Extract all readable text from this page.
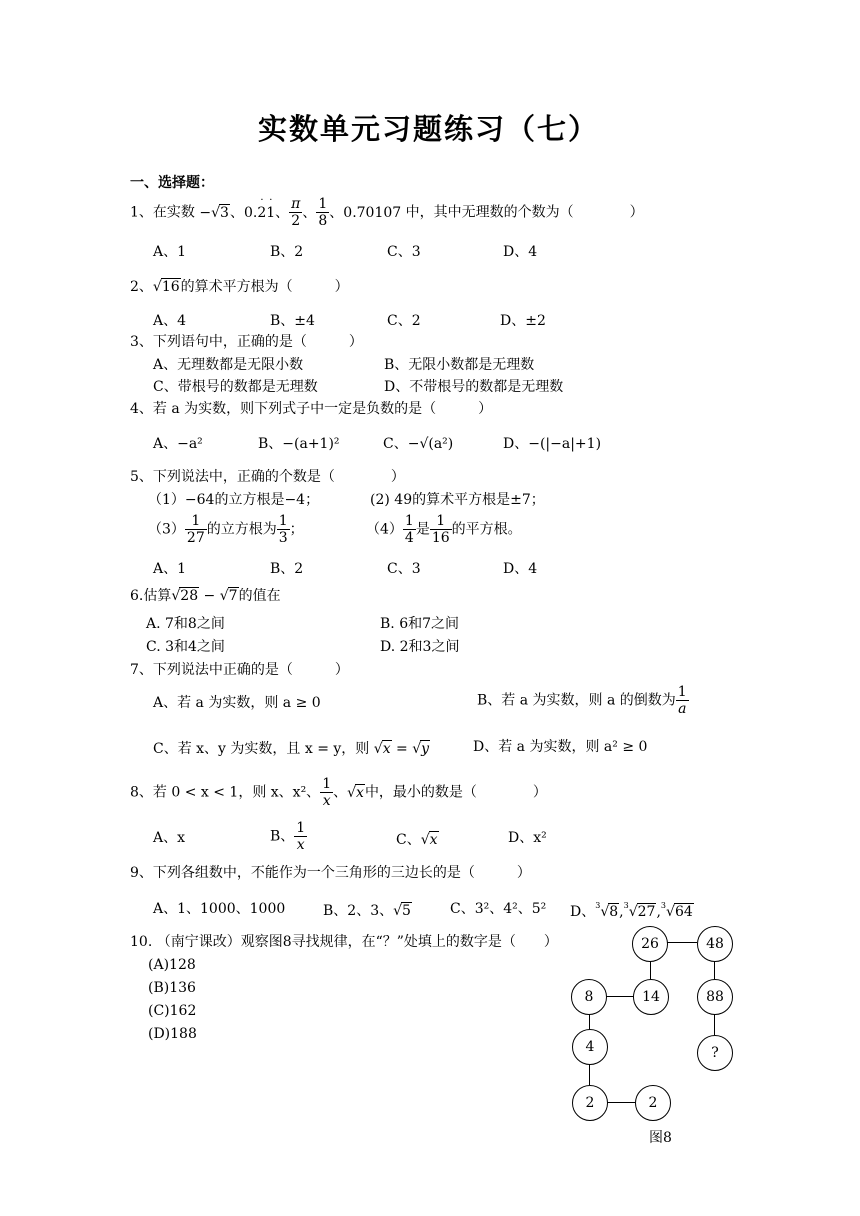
实数单元习题练习（七）
一、选择题：
1、在实数 −√3、0.2
·
1
·
、 $\frac{\pi}{2}$ 、 $\frac{1}{8}$ 、0.70107 中，其中无理数的个数为（　　　　）
A、1	B、2	C、3	D、4
2、√16的算术平方根为（　　　）
A、4	B、±4	C、2	D、±2
3、下列语句中，正确的是（　　　）
A、无理数都是无限小数	B、无限小数都是无理数
C、带根号的数都是无理数	D、不带根号的数都是无理数
4、若 a 为实数，则下列式子中一定是负数的是（　　　）
A、−a²	B、−(a+1)²	C、−√(a²)	D、−(|−a|+1)
5、下列说法中，正确的个数是（　　　　）
（1）−64的立方根是−4；	(2) 49的算术平方根是±7；
$(3) \frac{1}{27}$ 的立方根为 $\frac{1}{3}$ ；	$(4) \frac{1}{4}$ 是 $\frac{1}{16}$ 的平方根。
A、1	B、2	C、3	D、4
6.估算√28 − √7的值在
A. 7和8之间	B. 6和7之间
C. 3和4之间	D. 2和3之间
7、下列说法中正确的是（　　　）
A、若 a 为实数，则 a ≥ 0	B、若 a 为实数，则 a 的倒数为 $\frac{1}{a}$
C、若 x、y 为实数，且 x = y，则 √x = √y	D、若 a 为实数，则 a² ≥ 0
8、若 0 < x < 1，则 x、x²、 $\frac{1}{x}$ 、√x中，最小的数是（　　　　）
A、x	B、 $\frac{1}{x}$	C、√x	D、x²
9、下列各组数中，不能作为一个三角形的三边长的是（　　　）
A、1、1000、1000	B、2、3、√5	C、3²、4²、5² D、$^3$√8,$^3$√27,$^3$√64
10. （南宁课改）观察图8寻找规律，在“？”处填上的数字是（　　）
(A)128
(B)136
(C)162
(D)188
26	48
8	14	88
4	?
2	2
图8
